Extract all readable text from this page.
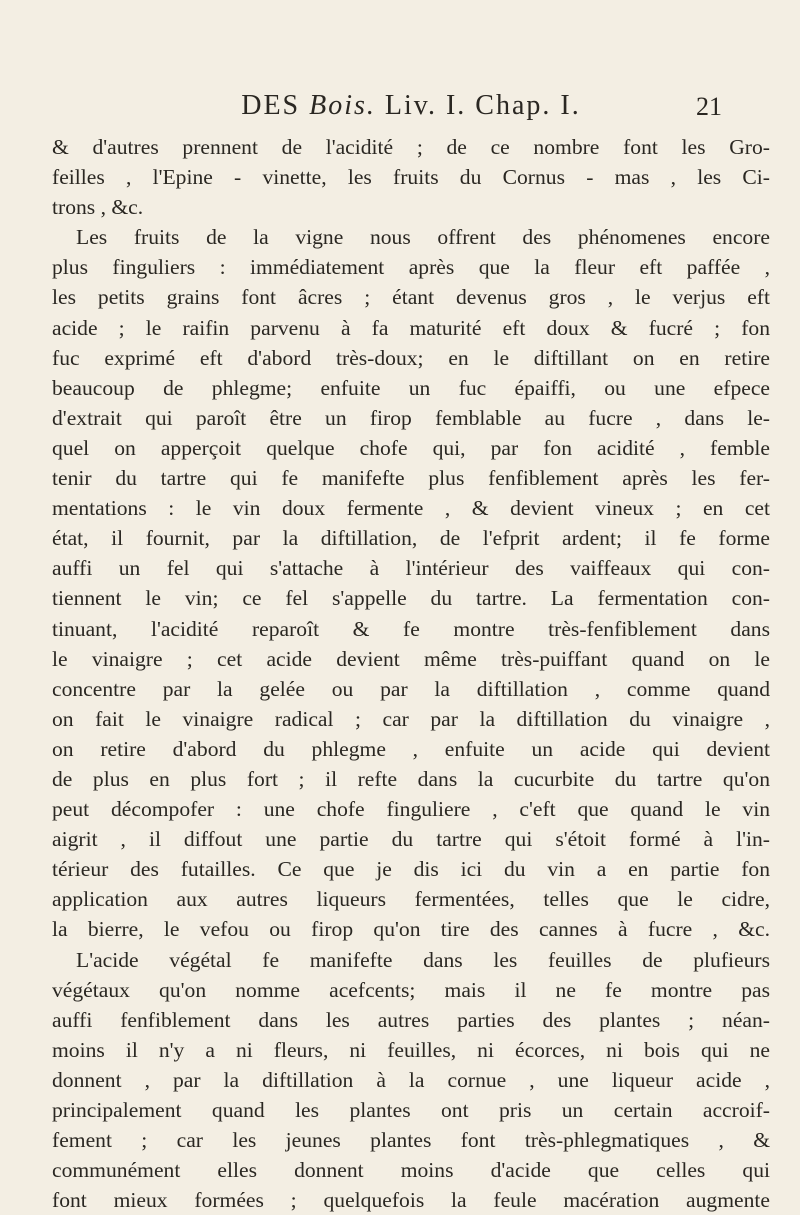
DES Bois. Liv. I. Chap. I.	21
& d'autres prennent de l'acidité ; de ce nombre font les Gro-
feilles , l'Epine - vinette, les fruits du Cornus - mas , les Ci-
trons , &c.
Les fruits de la vigne nous offrent des phénomenes encore
plus finguliers : immédiatement après que la fleur eft paffée ,
les petits grains font âcres ; étant devenus gros , le verjus eft
acide ; le raifin parvenu à fa maturité eft doux & fucré ; fon
fuc exprimé eft d'abord très-doux; en le diftillant on en retire
beaucoup de phlegme; enfuite un fuc épaiffi, ou une efpece
d'extrait qui paroît être un firop femblable au fucre , dans le-
quel on apperçoit quelque chofe qui, par fon acidité , femble
tenir du tartre qui fe manifefte plus fenfiblement après les fer-
mentations : le vin doux fermente , & devient vineux ; en cet
état, il fournit, par la diftillation, de l'efprit ardent; il fe forme
auffi un fel qui s'attache à l'intérieur des vaiffeaux qui con-
tiennent le vin; ce fel s'appelle du tartre. La fermentation con-
tinuant, l'acidité reparoît & fe montre très-fenfiblement dans
le vinaigre ; cet acide devient même très-puiffant quand on le
concentre par la gelée ou par la diftillation , comme quand
on fait le vinaigre radical ; car par la diftillation du vinaigre ,
on retire d'abord du phlegme , enfuite un acide qui devient
de plus en plus fort ; il refte dans la cucurbite du tartre qu'on
peut décompofer : une chofe finguliere , c'eft que quand le vin
aigrit , il diffout une partie du tartre qui s'étoit formé à l'in-
térieur des futailles. Ce que je dis ici du vin a en partie fon
application aux autres liqueurs fermentées, telles que le cidre,
la bierre, le vefou ou firop qu'on tire des cannes à fucre , &c.
L'acide végétal fe manifefte dans les feuilles de plufieurs
végétaux qu'on nomme acefcents; mais il ne fe montre pas
auffi fenfiblement dans les autres parties des plantes ; néan-
moins il n'y a ni fleurs, ni feuilles, ni écorces, ni bois qui ne
donnent , par la diftillation à la cornue , une liqueur acide ,
principalement quand les plantes ont pris un certain accroif-
fement ; car les jeunes plantes font très-phlegmatiques , &
communément elles donnent moins d'acide que celles qui
font mieux formées ; quelquefois la feule macération augmente
